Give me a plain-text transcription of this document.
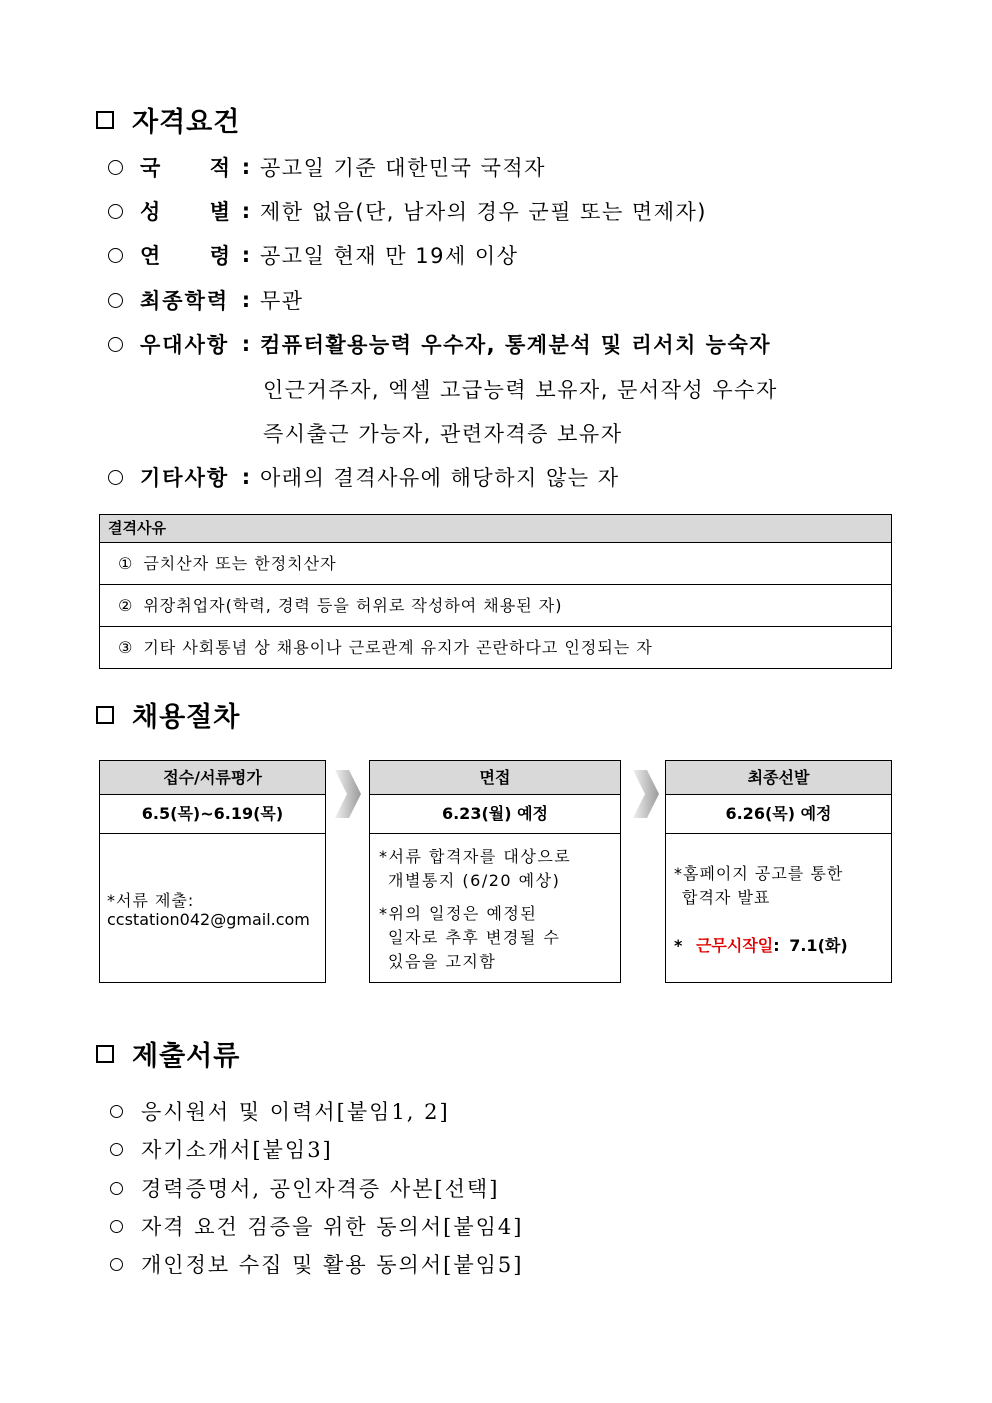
자격요건
국 적 : 공고일 기준 대한민국 국적자
성 별 : 제한 없음(단, 남자의 경우 군필 또는 면제자)
연 령 : 공고일 현재 만 19세 이상
최종학력 : 무관
우대사항 : 컴퓨터활용능력 우수자, 통계분석 및 리서치 능숙자
인근거주자, 엑셀 고급능력 보유자, 문서작성 우수자
즉시출근 가능자, 관련자격증 보유자
기타사항 : 아래의 결격사유에 해당하지 않는 자
결격사유
① 금치산자 또는 한정치산자
② 위장취업자(학력, 경력 등을 허위로 작성하여 채용된 자)
③ 기타 사회통념 상 채용이나 근로관계 유지가 곤란하다고 인정되는 자
채용절차
접수/서류평가
6.5(목)~6.19(목)
*서류 제출:
ccstation042@gmail.com
면접
6.23(월) 예정
*서류 합격자를 대상으로
개별통지 (6/20 예상)
*위의 일정은 예정된
일자로 추후 변경될 수
있음을 고지함
최종선발
6.26(목) 예정
*홈페이지 공고를 통한
합격자 발표
* 근무시작일: 7.1(화)
제출서류
응시원서 및 이력서[붙임1, 2]
자기소개서[붙임3]
경력증명서, 공인자격증 사본[선택]
자격 요건 검증을 위한 동의서[붙임4]
개인정보 수집 및 활용 동의서[붙임5]
